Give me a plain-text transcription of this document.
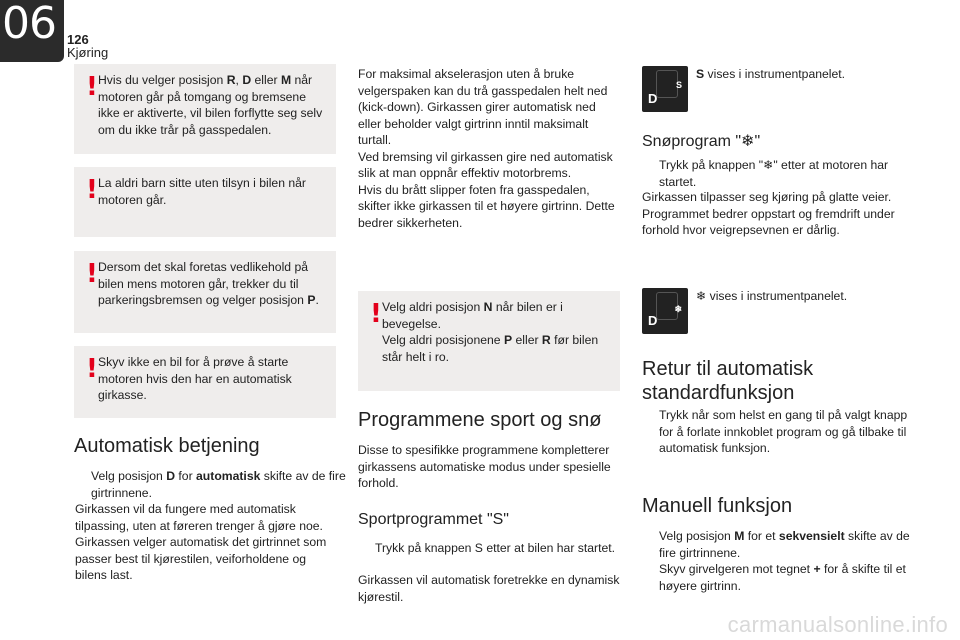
06 126
Kjøring
! Hvis du velger posisjon R, D eller M når motoren går på tomgang og bremsene ikke er aktiverte, vil bilen forflytte seg selv om du ikke trår på gasspedalen.
! La aldri barn sitte uten tilsyn i bilen når motoren går.
! Dersom det skal foretas vedlikehold på bilen mens motoren går, trekker du til parkeringsbremsen og velger posisjon P.
! Skyv ikke en bil for å prøve å starte motoren hvis den har en automatisk girkasse.
Automatisk betjening
Velg posisjon D for automatisk skifte av de fire girtrinnene.
Girkassen vil da fungere med automatisk tilpassing, uten at føreren trenger å gjøre noe. Girkassen velger automatisk det girtrinnet som passer best til kjørestilen, veiforholdene og bilens last.
For maksimal akselerasjon uten å bruke velgerspaken kan du trå gasspedalen helt ned (kick-down). Girkassen girer automatisk ned eller beholder valgt girtrinn inntil maksimalt turtall.
Ved bremsing vil girkassen gire ned automatisk slik at man oppnår effektiv motorbrems.
Hvis du brått slipper foten fra gasspedalen, skifter ikke girkassen til et høyere girtrinn. Dette bedrer sikkerheten.
! Velg aldri posisjon N når bilen er i bevegelse.
Velg aldri posisjonene P eller R før bilen står helt i ro.
Programmene sport og snø
Disse to spesifikke programmene kompletterer girkassens automatiske modus under spesielle forhold.
Sportprogrammet "S"
Trykk på knappen S etter at bilen har startet.
Girkassen vil automatisk foretrekke en dynamisk kjørestil.
D
S
S vises i instrumentpanelet.
Snøprogram "❄"
Trykk på knappen "❄" etter at motoren har startet.
Girkassen tilpasser seg kjøring på glatte veier. Programmet bedrer oppstart og fremdrift under forhold hvor veigrepsevnen er dårlig.
D
❄
❄ vises i instrumentpanelet.
Retur til automatisk
standardfunksjon
Trykk når som helst en gang til på valgt knapp for å forlate innkoblet program og gå tilbake til automatisk funksjon.
Manuell funksjon
Velg posisjon M for et sekvensielt skifte av de fire girtrinnene.
Skyv girvelgeren mot tegnet + for å skifte til et høyere girtrinn.
carmanualsonline.info
